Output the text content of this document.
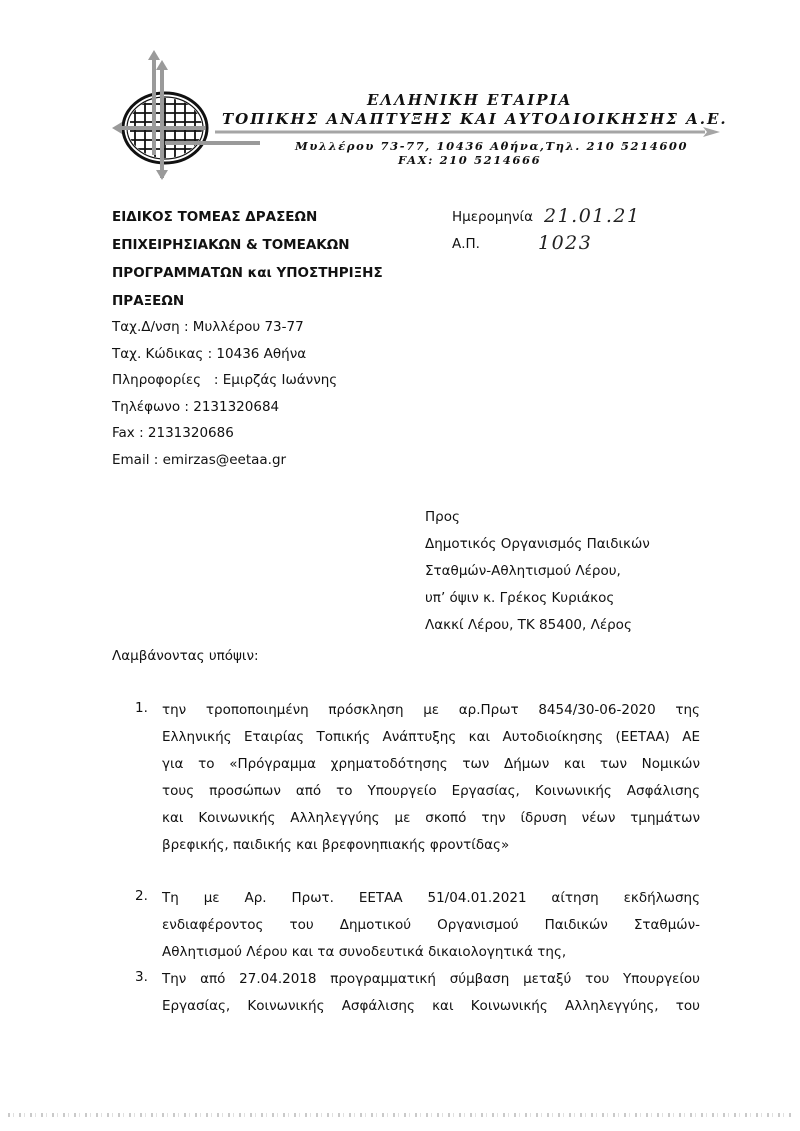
ΕΛΛΗΝΙΚΗ ΕΤΑΙΡΙΑ
ΤΟΠΙΚΗΣ ΑΝΑΠΤΥΞΗΣ ΚΑΙ ΑΥΤΟΔΙΟΙΚΗΣΗΣ Α.Ε.
Μυλλέρου 73-77, 10436 Αθήνα,Τηλ. 210 5214600
FAX: 210 5214666
ΕΙΔΙΚΟΣ ΤΟΜΕΑΣ ΔΡΑΣΕΩΝ
ΕΠΙΧΕΙΡΗΣΙΑΚΩΝ & ΤΟΜΕΑΚΩΝ
ΠΡΟΓΡΑΜΜΑΤΩΝ και ΥΠΟΣΤΗΡΙΞΗΣ
ΠΡΑΞΕΩΝ
Ταχ.Δ/νση : Μυλλέρου 73-77
Ταχ. Κώδικας : 10436 Αθήνα
Πληροφορίες   : Εμιρζάς Ιωάννης
Τηλέφωνο : 2131320684
Fax : 2131320686
Email : emirzas@eetaa.gr
Ημερομηνία 21.01.21
Α.Π.	1023
Προς
Δημοτικός Οργανισμός Παιδικών
Σταθμών-Αθλητισμού Λέρου,
υπ’ όψιν κ. Γρέκος Κυριάκος
Λακκί Λέρου, ΤΚ 85400, Λέρος
Λαμβάνοντας υπόψιν:
1. την τροποποιημένη πρόσκληση με αρ.Πρωτ 8454/30-06-2020 της
Ελληνικής Εταιρίας Τοπικής Ανάπτυξης και Αυτοδιοίκησης (ΕΕΤΑΑ) ΑΕ
για το «Πρόγραμμα χρηματοδότησης των Δήμων και των Νομικών
τους προσώπων από το Υπουργείο Εργασίας, Κοινωνικής Ασφάλισης
και Κοινωνικής Αλληλεγγύης με σκοπό την ίδρυση νέων τμημάτων
βρεφικής, παιδικής και βρεφονηπιακής φροντίδας»
2. Τη με Αρ. Πρωτ. ΕΕΤΑΑ 51/04.01.2021 αίτηση εκδήλωσης
ενδιαφέροντος του Δημοτικού Οργανισμού Παιδικών Σταθμών-
Αθλητισμού Λέρου και τα συνοδευτικά δικαιολογητικά της,
3. Την από 27.04.2018 προγραμματική σύμβαση μεταξύ του Υπουργείου
Εργασίας, Κοινωνικής Ασφάλισης και Κοινωνικής Αλληλεγγύης, του
